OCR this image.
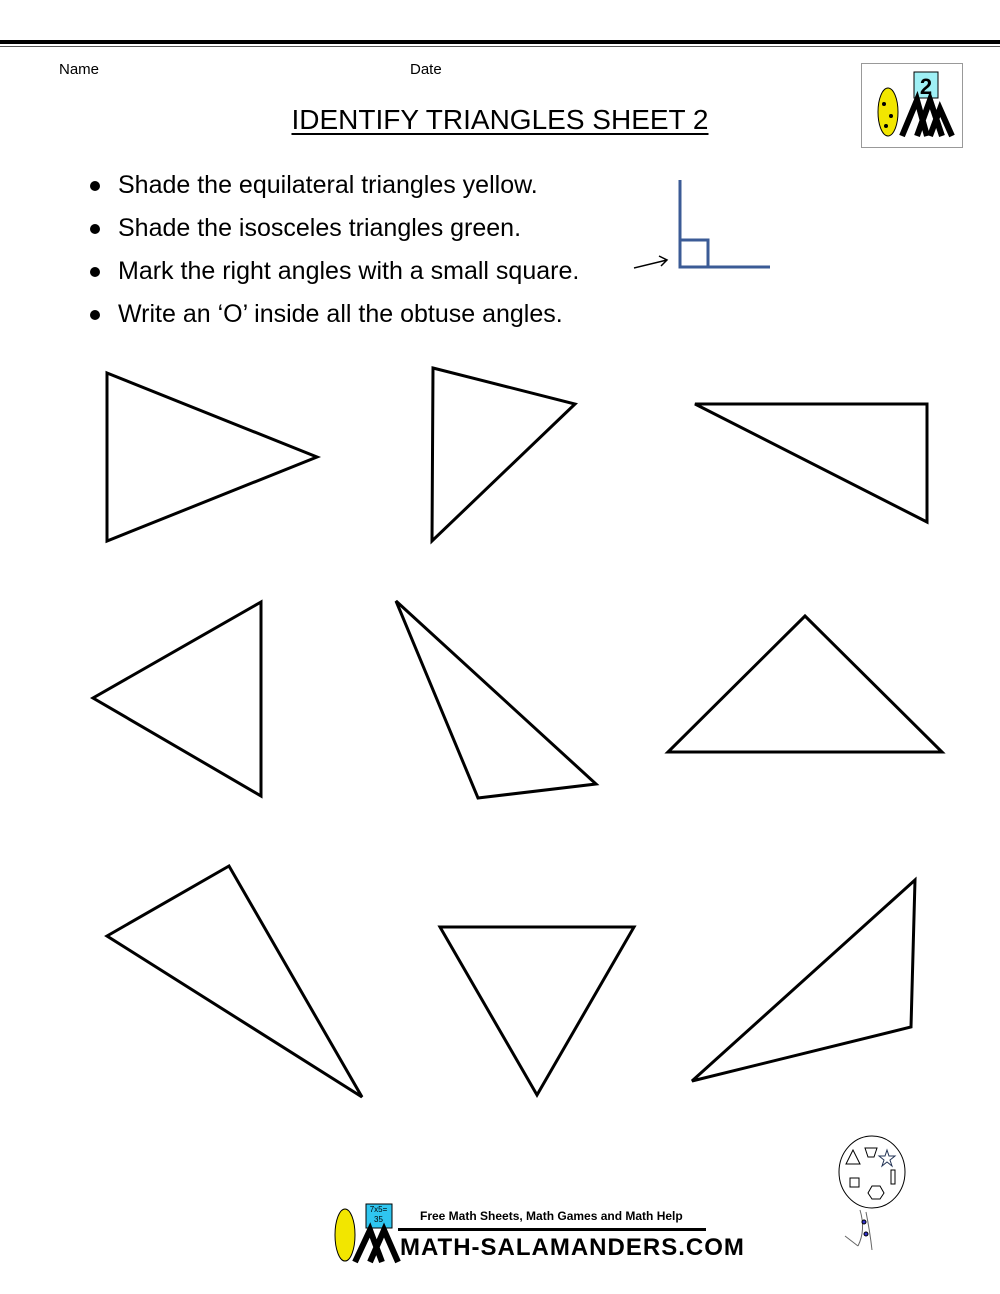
Name	Date
IDENTIFY TRIANGLES SHEET 2
2
Shade the equilateral triangles yellow.
Shade the isosceles triangles green.
Mark the right angles with a small square.
Write an ‘O’ inside all the obtuse angles.
7x5=35	Free Math Sheets, Math Games and Math Help
MATH-SALAMANDERS.COM
